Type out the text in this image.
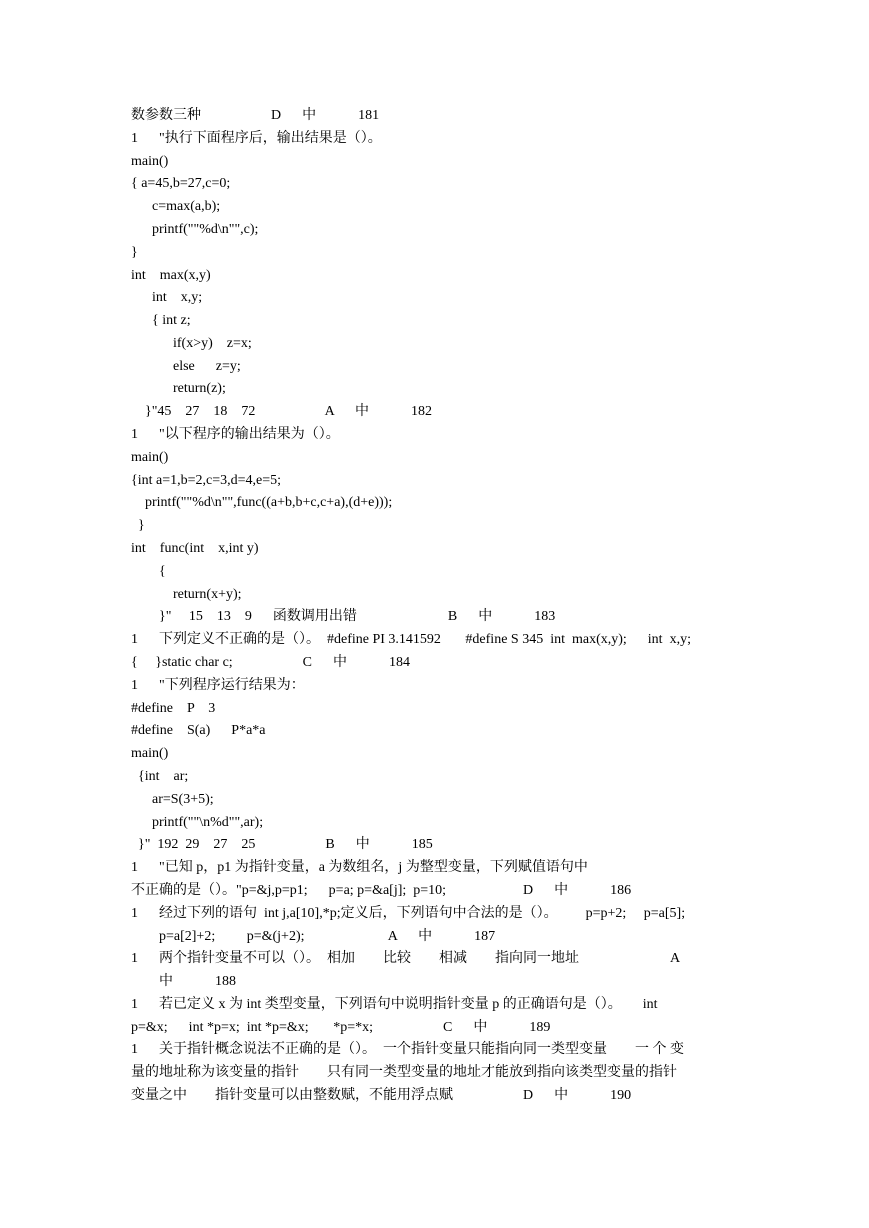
数参数三种                    D      中            181

1      "执行下面程序后，输出结果是（）。

main()

{ a=45,b=27,c=0;

c=max(a,b);

printf(""%d\n"",c);

}

int    max(x,y)

int    x,y;

{ int z;

if(x>y)    z=x;

else      z=y;

return(z);

}"45    27    18    72                    A      中            182

1      "以下程序的输出结果为（）。

main()

{int a=1,b=2,c=3,d=4,e=5;

printf(""%d\n"",func((a+b,b+c,c+a),(d+e)));

}

int    func(int    x,int y)

{

return(x+y);

}"     15    13    9      函数调用出错                          B      中            183

1      下列定义不正确的是（）。  #define PI 3.141592       #define S 345  int  max(x,y);      int  x,y;

{     }static char c;                    C      中            184

1      "下列程序运行结果为：

#define    P    3

#define    S(a)      P*a*a

main()

{int    ar;

ar=S(3+5);

printf(""\n%d"",ar);

}"  192  29    27    25                    B      中            185

1      "已知 p，p1 为指针变量，a 为数组名，j 为整型变量，下列赋值语句中

不正确的是（）。"p=&j,p=p1;      p=a; p=&a[j];  p=10;                      D      中            186

1      经过下列的语句  int j,a[10],*p;定义后，下列语句中合法的是（）。        p=p+2;     p=a[5];

p=a[2]+2;         p=&(j+2);                        A      中            187

1      两个指针变量不可以（）。  相加        比较        相减        指向同一地址                          A

中            188

1      若已定义 x 为 int 类型变量，下列语句中说明指针变量 p 的正确语句是（）。      int

p=&x;      int *p=x;  int *p=&x;       *p=*x;                    C      中            189

1      关于指针概念说法不正确的是（）。  一个指针变量只能指向同一类型变量        一 个 变

量的地址称为该变量的指针        只有同一类型变量的地址才能放到指向该类型变量的指针

变量之中        指针变量可以由整数赋，不能用浮点赋                    D      中            190
